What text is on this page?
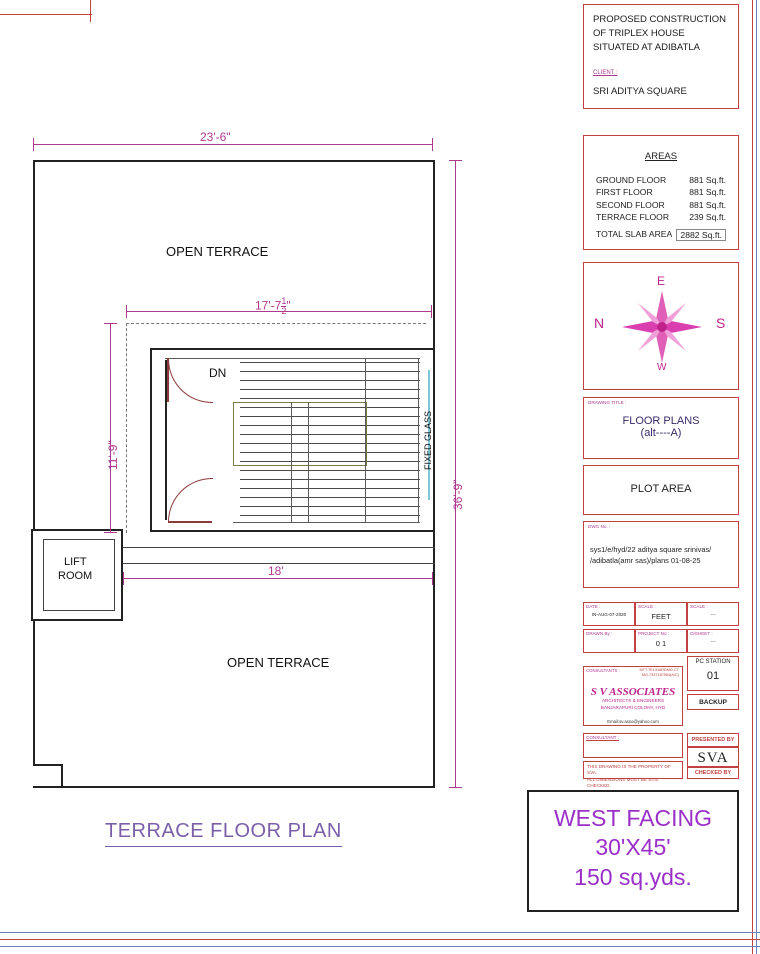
23'-6"
LIFT
ROOM
OPEN TERRACE
$17'-7 \frac{1}{2}$ "
11'-9"
36'-9"
DN
FIXED GLASS
18'
OPEN TERRACE
TERRACE FLOOR PLAN
PROPOSED CONSTRUCTION
OF TRIPLEX HOUSE
SITUATED AT ADIBATLA
CLIENT :
SRI ADITYA SQUARE
AREAS
GROUND FLOOR	881 Sq.ft.
FIRST FLOOR	881 Sq.ft.
SECOND FLOOR	881 Sq.ft.
TERRACE FLOOR	239 Sq.ft.
TOTAL SLAB AREA 2882 Sq.ft.
E
N	S
W
DRAWING TITLE :
FLOOR PLANS
(alt----A)
PLOT AREA
DWG No. :
sys1/e/hyd/22 aditya square srinivas/
/adibatla(amr sas)/plans 01-08-25
DATE :
IN-AUG-07-2020
SCALE :
FEET
SCALE :
---
DRAWN By :	PROJECT No :
0 1
O/SHEET :
---
PC STATION
01
CONSULTANTS :	MTT.TEL/HARDMO CT
MO.7337187554(A/C)
S V ASSOCIATES
ARCHITECTS & ENGINEERS
BANJARAPURI COLONY, HYD
Email:sv.asso@yahoo.com
BACKUP
CONSULTANT :	PRESENTED BY
SVA
CHECKED BY
THIS DRAWING IS THE PROPERTY OF SVA.
ALL DIMENSIONS MUST BE SITE CHECKED.
WEST FACING
30'X45'
150 sq.yds.
